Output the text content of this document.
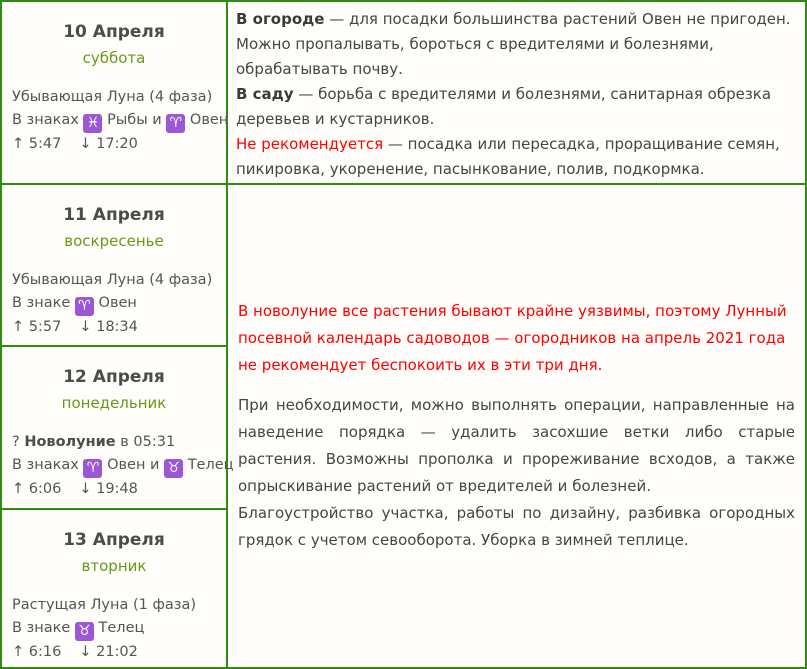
10 Апреля
суббота
Убывающая Луна (4 фаза)
В знаках ♓ Рыбы и ♈ Овен
↑ 5:47 ↓ 17:20
11 Апреля
воскресенье
Убывающая Луна (4 фаза)
В знаке ♈ Овен
↑ 5:57 ↓ 18:34
12 Апреля
понедельник
? Новолуние в 05:31
В знаках ♈ Овен и ♉ Телец
↑ 6:06 ↓ 19:48
13 Апреля
вторник
Растущая Луна (1 фаза)
В знаке ♉ Телец
↑ 6:16 ↓ 21:02

В огороде — для посадки большинства растений Овен не пригоден. Можно пропалывать, бороться с вредителями и болезнями, обрабатывать почву.

В саду — борьба с вредителями и болезнями, санитарная обрезка деревьев и кустарников.

Не рекомендуется — посадка или пересадка, проращивание семян, пикировка, укоренение, пасынкование, полив, подкормка.

В новолуние все растения бывают крайне уязвимы, поэтому Лунный посевной календарь садоводов — огородников на апрель 2021 года не рекомендует беспокоить их в эти три дня.

При необходимости, можно выполнять операции, направленные на наведение порядка — удалить засохшие ветки либо старые растения. Возможны прополка и прореживание всходов, а также опрыскивание растений от вредителей и болезней.

Благоустройство участка, работы по дизайну, разбивка огородных грядок с учетом севооборота. Уборка в зимней теплице.
